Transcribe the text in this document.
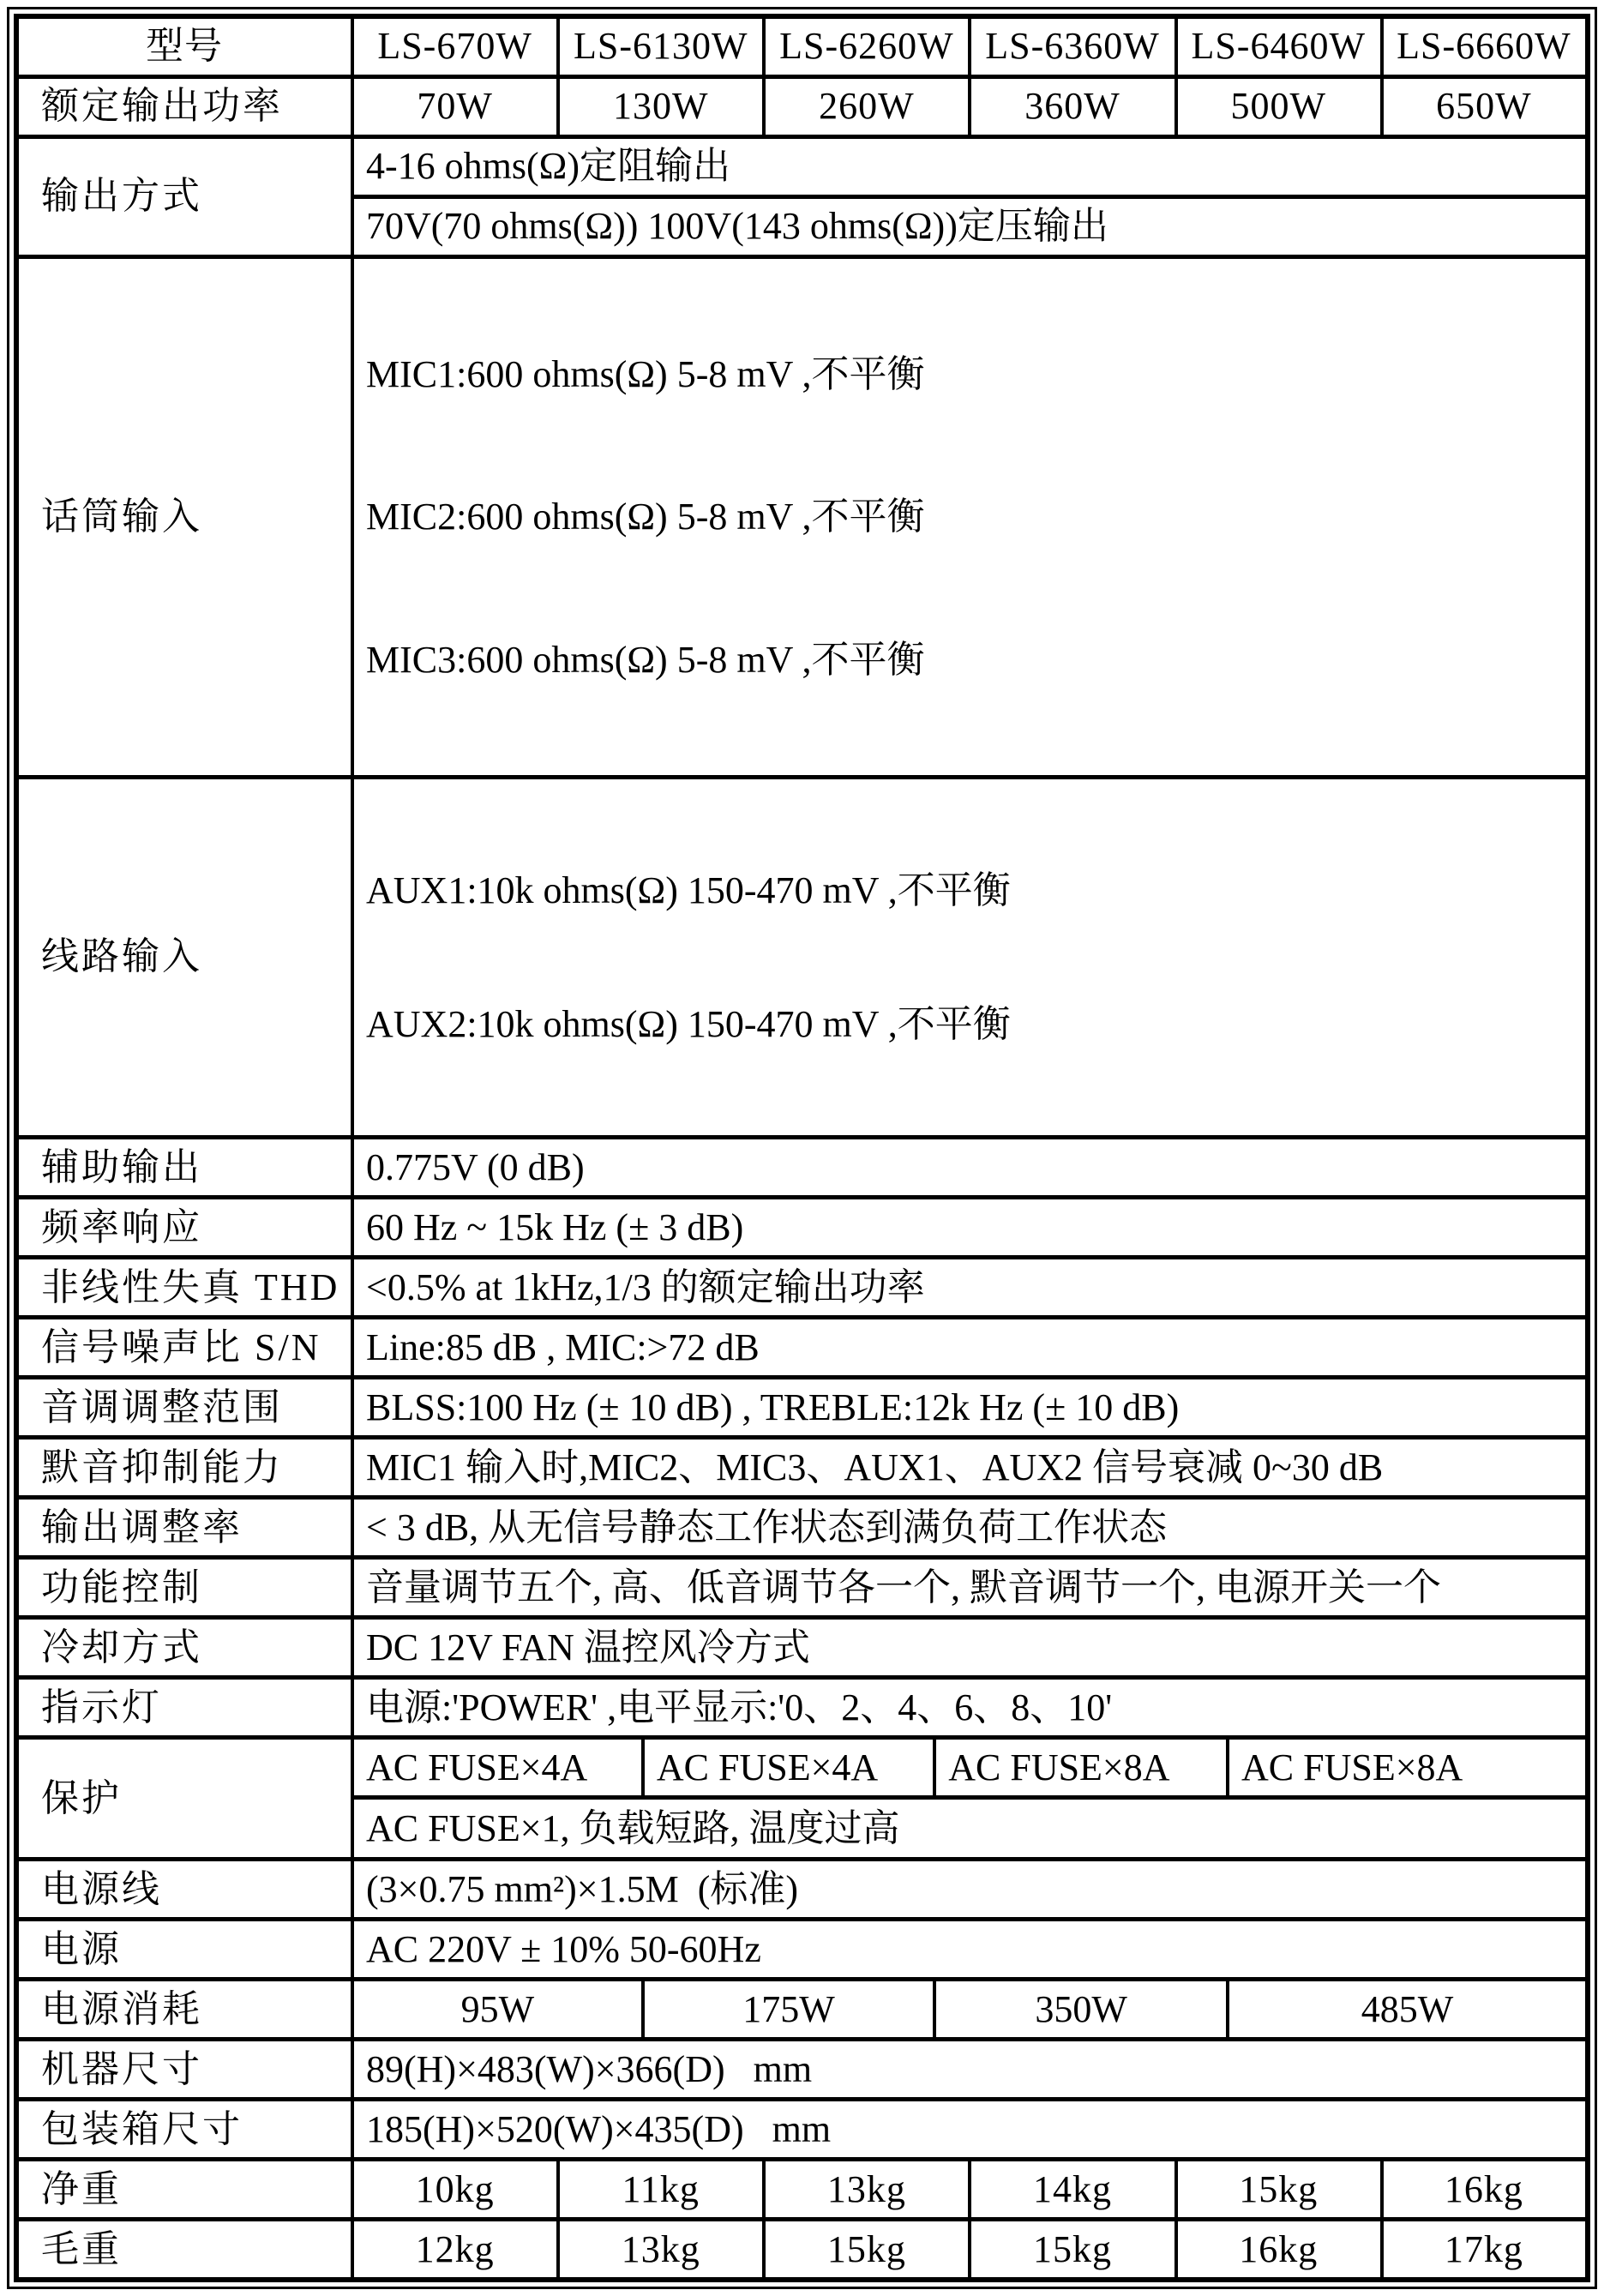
型号	LS-670W	LS-6130W	LS-6260W	LS-6360W	LS-6460W	LS-6660W
额定输出功率	70W	130W	260W	360W	500W	650W
输出方式	4-16 ohms(Ω)定阻输出					
	70V(70 ohms(Ω)) 100V(143 ohms(Ω))定压输出					
话筒输入	MIC1:600 ohms(Ω) 5-8 mV ,不平衡

MIC2:600 ohms(Ω) 5-8 mV ,不平衡

MIC3:600 ohms(Ω) 5-8 mV ,不平衡					

线路输入	AUX1:10k ohms(Ω) 150-470 mV ,不平衡

AUX2:10k ohms(Ω) 150-470 mV ,不平衡					

辅助输出	0.775V (0 dB)					
频率响应	60 Hz ~ 15k Hz (± 3 dB)					
非线性失真 THD	<0.5% at 1kHz,1/3 的额定输出功率					
信号噪声比 S/N	Line:85 dB , MIC:>72 dB					
音调调整范围	BLSS:100 Hz (± 10 dB) , TREBLE:12k Hz (± 10 dB)					
默音抑制能力	MIC1 输入时,MIC2、MIC3、AUX1、AUX2 信号衰减 0~30 dB					
输出调整率	< 3 dB, 从无信号静态工作状态到满负荷工作状态					
功能控制	音量调节五个, 高、低音调节各一个, 默音调节一个, 电源开关一个					
冷却方式	DC 12V FAN 温控风冷方式					
指示灯	电源:'POWER' ,电平显示:'0、2、4、6、8、10'					
保护	AC FUSE×4A AC FUSE×4A AC FUSE×8A AC FUSE×8A					

	AC FUSE×1, 负载短路, 温度过高					
电源线	(3×0.75 mm²)×1.5M  (标准)					
电源	AC 220V ± 10% 50-60Hz					
电源消耗	95W 175W 350W 485W					

机器尺寸	89(H)×483(W)×366(D)   mm					
包装箱尺寸	185(H)×520(W)×435(D)   mm					
净重	10kg	11kg	13kg	14kg	15kg	16kg
毛重	12kg	13kg	15kg	15kg	16kg	17kg
